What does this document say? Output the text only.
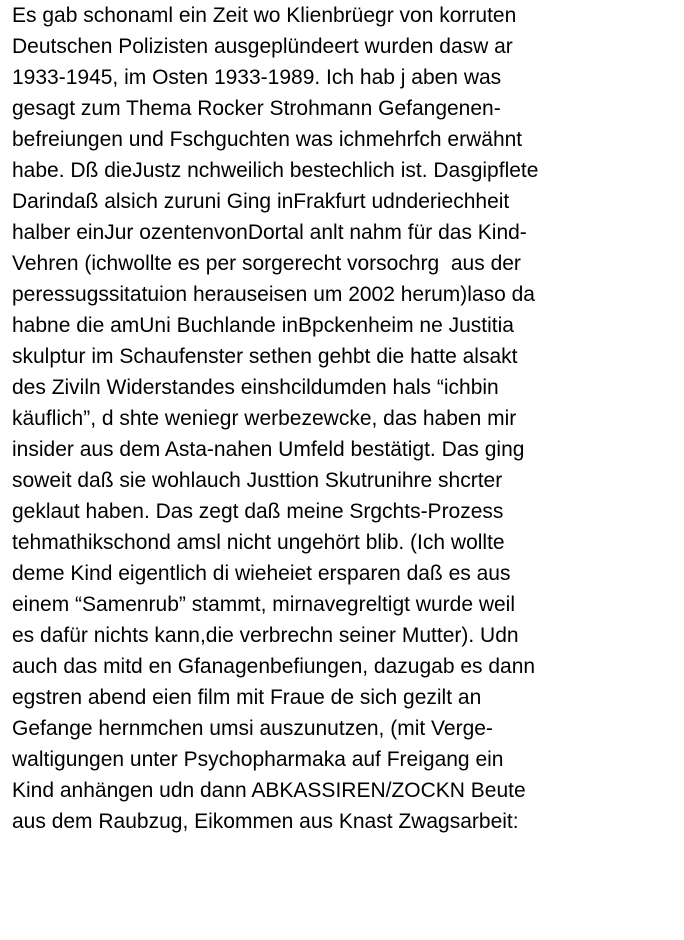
Es gab schonaml ein Zeit wo Klienbrüegr von korruten
Deutschen Polizisten ausgeplündeert wurden dasw ar
1933-1945, im Osten 1933-1989. Ich hab j aben was
gesagt zum Thema Rocker Strohmann Gefangenen-
befreiungen und Fschguchten was ichmehrfch erwähnt
habe. Dß dieJustz nchweilich bestechlich ist. Dasgipflete
Darindaß alsich zuruni Ging inFrakfurt udnderiechheit
halber einJur ozentenvonDortal anlt nahm für das Kind-
Vehren (ichwollte es per sorgerecht vorsochrg  aus der
peressugssitatuion herauseisen um 2002 herum)laso da
habne die amUni Buchlande inBpckenheim ne Justitia
skulptur im Schaufenster sethen gehbt die hatte alsakt
des Ziviln Widerstandes einshcildumden hals “ichbin
käuflich”, d shte weniegr werbezewcke, das haben mir
insider aus dem Asta-nahen Umfeld bestätigt. Das ging
soweit daß sie wohlauch Justtion Skutrunihre shcrter
geklaut haben. Das zegt daß meine Srgchts-Prozess
tehmathikschond amsl nicht ungehört blib. (Ich wollte
deme Kind eigentlich di wieheiet ersparen daß es aus
einem “Samenrub” stammt, mirnavegreltigt wurde weil
es dafür nichts kann,die verbrechn seiner Mutter). Udn
auch das mitd en Gfanagenbefiungen, dazugab es dann
egstren abend eien film mit Fraue de sich gezilt an
Gefange hernmchen umsi auszunutzen, (mit Verge-
waltigungen unter Psychopharmaka auf Freigang ein
Kind anhängen udn dann ABKASSIREN/ZOCKN Beute
aus dem Raubzug, Eikommen aus Knast Zwagsarbeit:
